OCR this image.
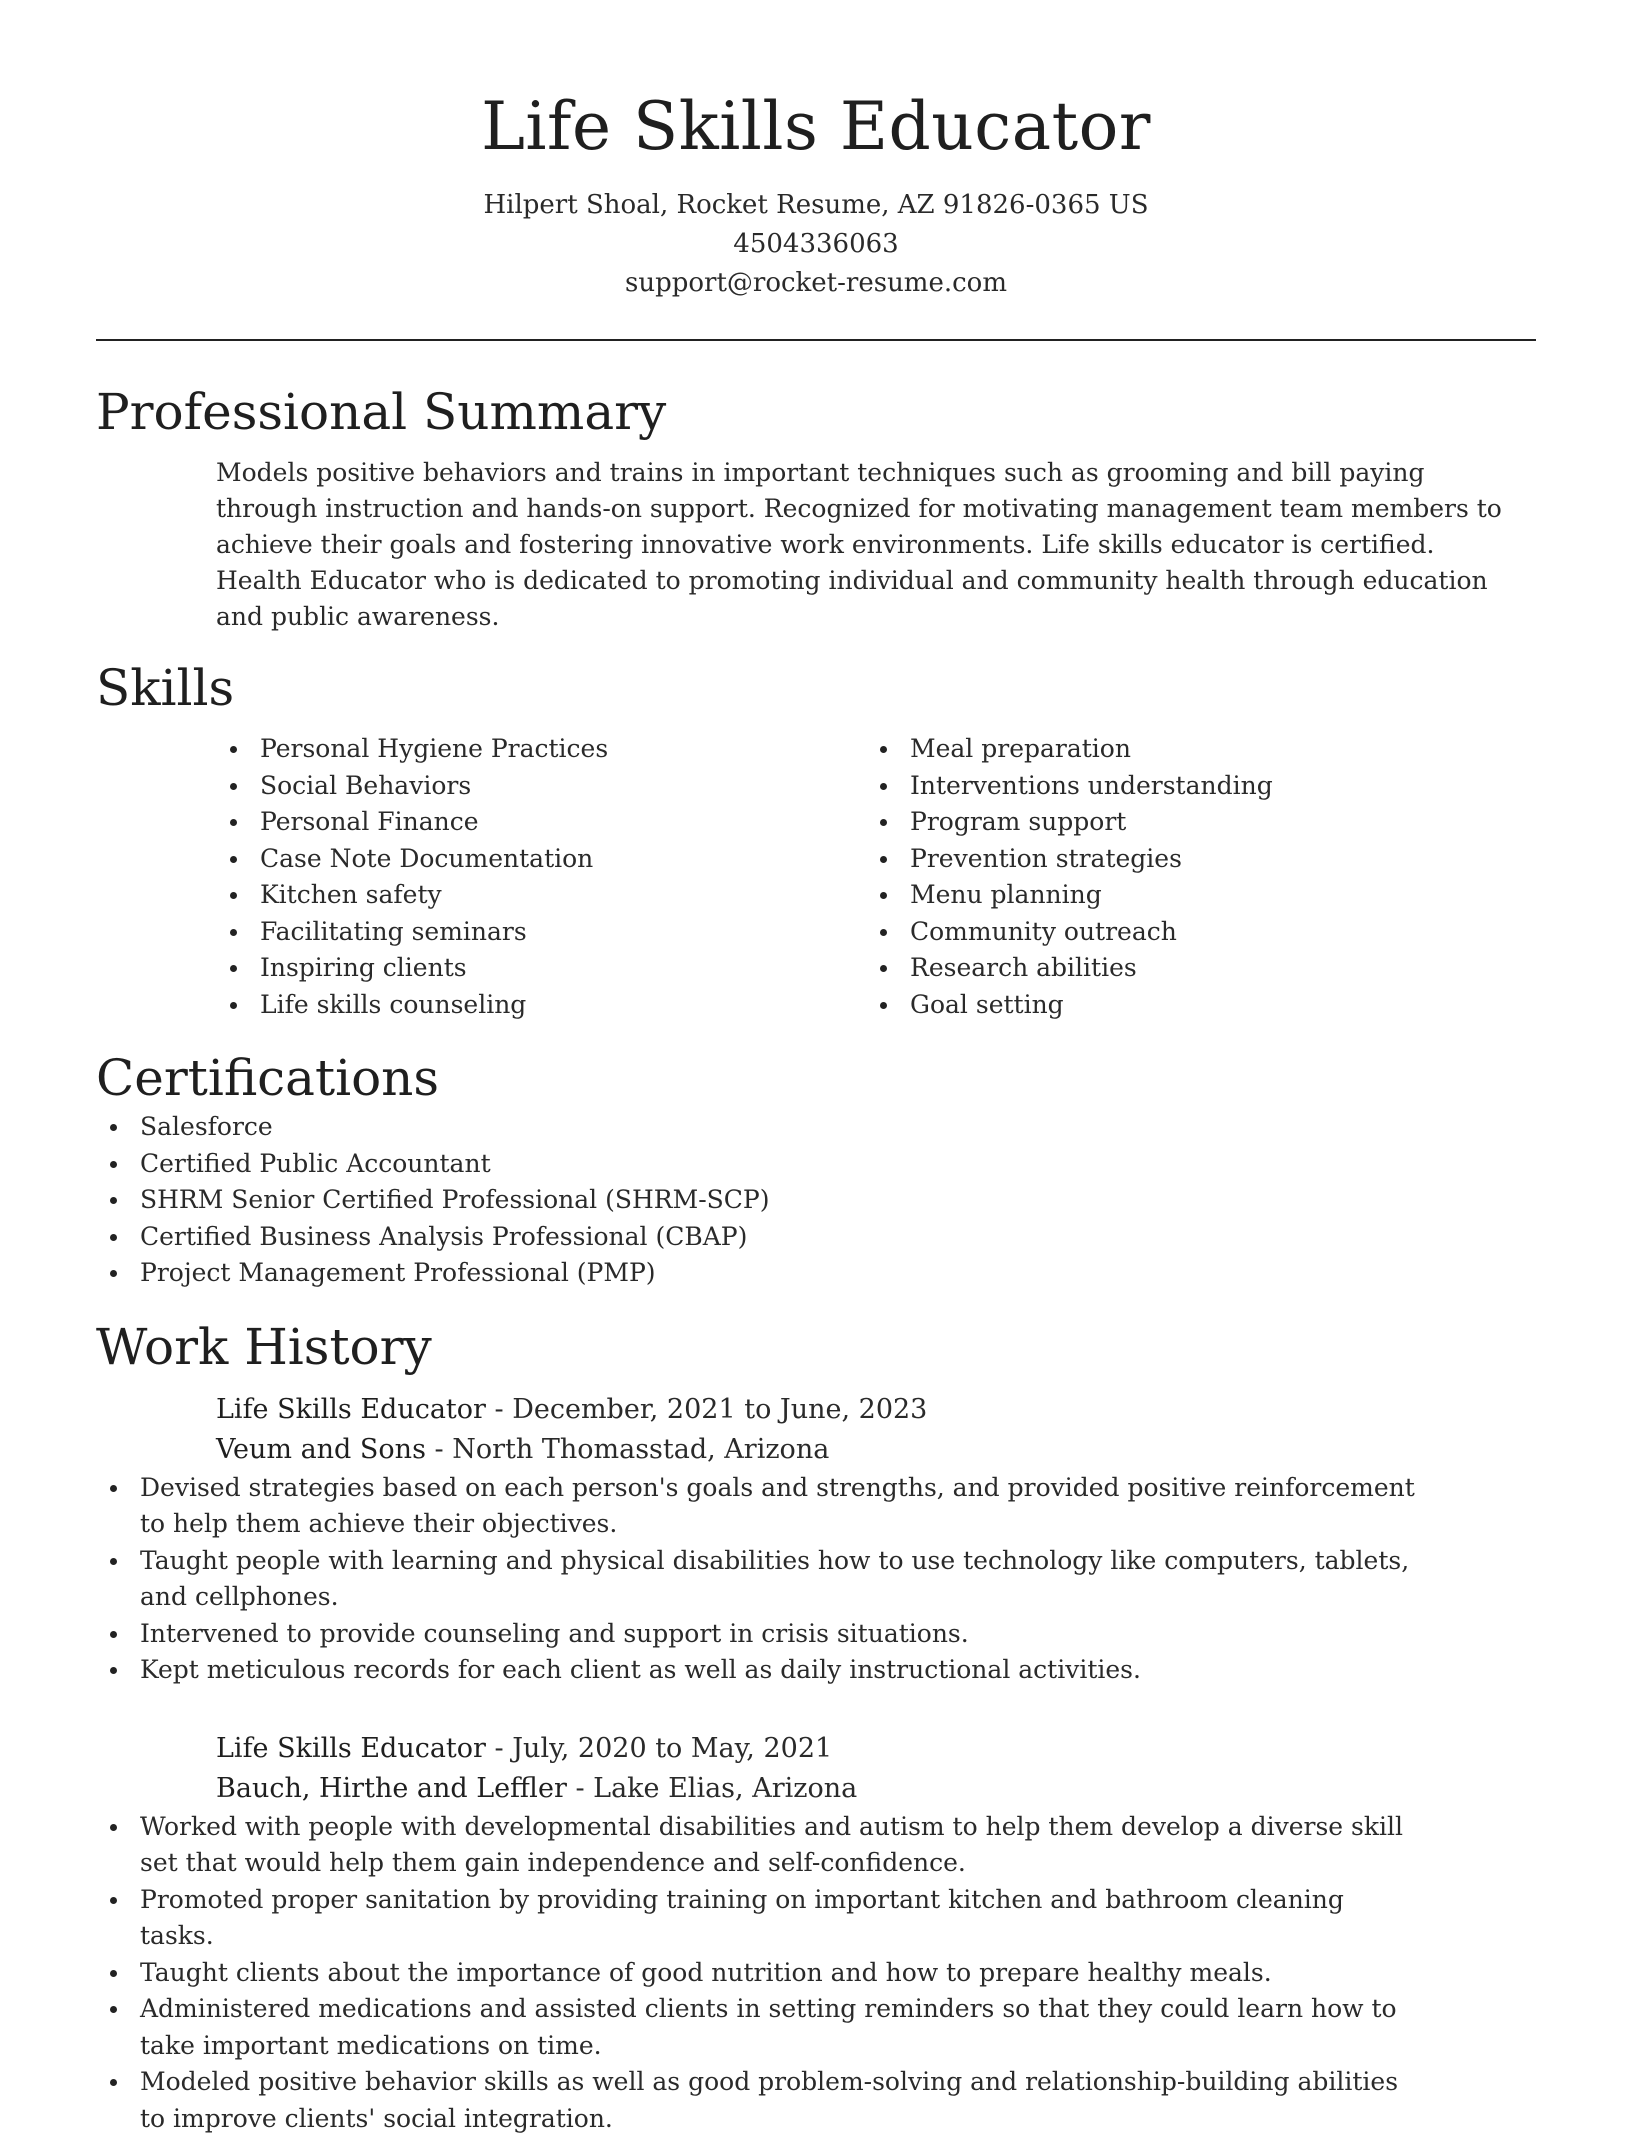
Life Skills Educator

Hilpert Shoal, Rocket Resume, AZ 91826-0365 US

4504336063

support@rocket-resume.com

Professional Summary

Models positive behaviors and trains in important techniques such as grooming and bill paying through instruction and hands-on support. Recognized for motivating management team members to achieve their goals and fostering innovative work environments. Life skills educator is certified. Health Educator who is dedicated to promoting individual and community health through education and public awareness.

Skills
Personal Hygiene Practices
Social Behaviors
Personal Finance
Case Note Documentation
Kitchen safety
Facilitating seminars
Inspiring clients
Life skills counseling
Meal preparation
Interventions understanding
Program support
Prevention strategies
Menu planning
Community outreach
Research abilities
Goal setting
Certifications
Salesforce
Certified Public Accountant
SHRM Senior Certified Professional (SHRM-SCP)
Certified Business Analysis Professional (CBAP)
Project Management Professional (PMP)
Work History

Life Skills Educator - December, 2021 to June, 2023

Veum and Sons - North Thomasstad, Arizona

Devised strategies based on each person's goals and strengths, and provided positive reinforcement to help them achieve their objectives.
Taught people with learning and physical disabilities how to use technology like computers, tablets, and cellphones.
Intervened to provide counseling and support in crisis situations.
Kept meticulous records for each client as well as daily instructional activities.

Life Skills Educator - July, 2020 to May, 2021

Bauch, Hirthe and Leffler - Lake Elias, Arizona

Worked with people with developmental disabilities and autism to help them develop a diverse skill set that would help them gain independence and self-confidence.
Promoted proper sanitation by providing training on important kitchen and bathroom cleaning tasks.
Taught clients about the importance of good nutrition and how to prepare healthy meals.
Administered medications and assisted clients in setting reminders so that they could learn how to take important medications on time.
Modeled positive behavior skills as well as good problem-solving and relationship-building abilities to improve clients' social integration.
